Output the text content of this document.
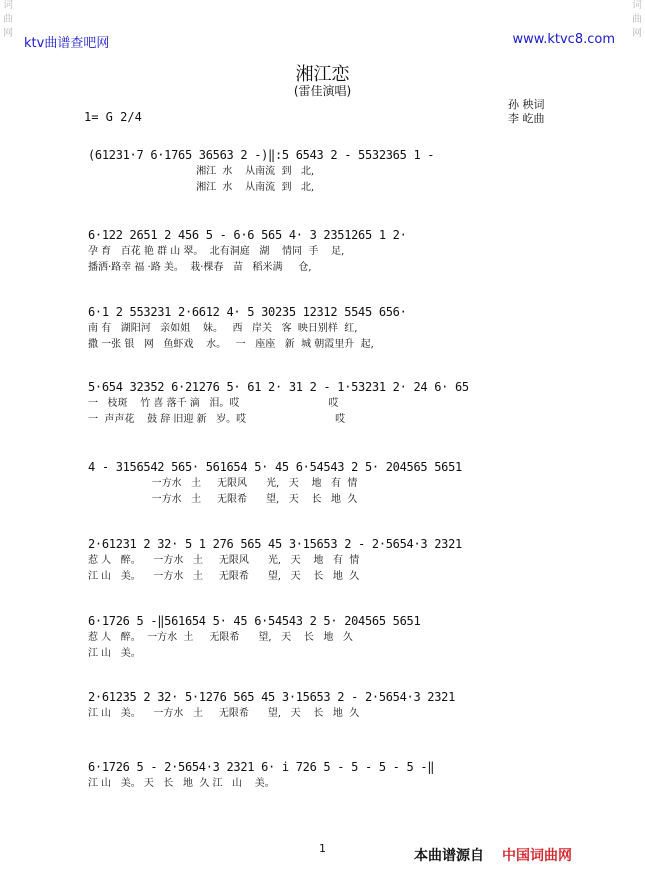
词
曲
网
词
曲
网
ktv曲谱查吧网	www.ktvc8.com
湘江恋
(雷佳演唱)
1= G 2/4
孙 秧词
李 屹曲
(61231·7 6·1765 36563 2 -)‖:5 6543 2 - 5532365 1 -
湘江  水    从南流  到   北,
湘江  水    从南流  到   北,
6·122 2651 2 456 5 - 6·6 565 4· 3 2351265 1 2·
孕 育   百花 艳 群 山 翠。  北有洞庭   湖    情同  手    足,
播洒·路幸 福 ·路 美。  栽·棵春   苗   稻米满     仓,
6·1 2 553231 2·6612 4· 5 30235 12312 5545 656·
南 有   湖阳河   亲如姐    妹。   西   岸关   客  映日别样  红,
撒 一张 银   网   鱼虾戏    水。   一   座座   新  城 朝霞里升  起,
5·654 32352 6·21276 5· 61 2· 31 2 - 1·53231 2· 24 6· 65
一   枝斑    竹 喜 落千 滴   泪。哎                            哎
一  声声花    鼓 辞 旧迎 新   岁。哎                            哎
4 - 3156542 565· 561654 5· 45 6·54543 2 5· 204565 5651
一方水   土     无限风      光,   天    地   有  情
一方水   土     无限希      望,   天    长   地  久
2·61231 2 32· 5 1 276 565 45 3·15653 2 - 2·5654·3 2321
惹 人   醉。    一方水   土     无限风      光,   天    地   有  情
江 山   美。    一方水   土     无限希      望,   天    长   地  久
6·1726 5 -‖561654 5· 45 6·54543 2 5· 204565 5651
惹 人   醉。  一方水  土     无限希      望,   天    长   地   久
江 山   美。
2·61235 2 32· 5·1276 565 45 3·15653 2 - 2·5654·3 2321
江 山   美。    一方水   土     无限希      望,   天    长   地  久
6·1726 5 - 2·5654·3 2321 6· i 726 5 - 5 - 5 - 5 -‖
江 山   美。 天   长   地  久 江   山    美。
1	本曲谱源自 中国词曲网
